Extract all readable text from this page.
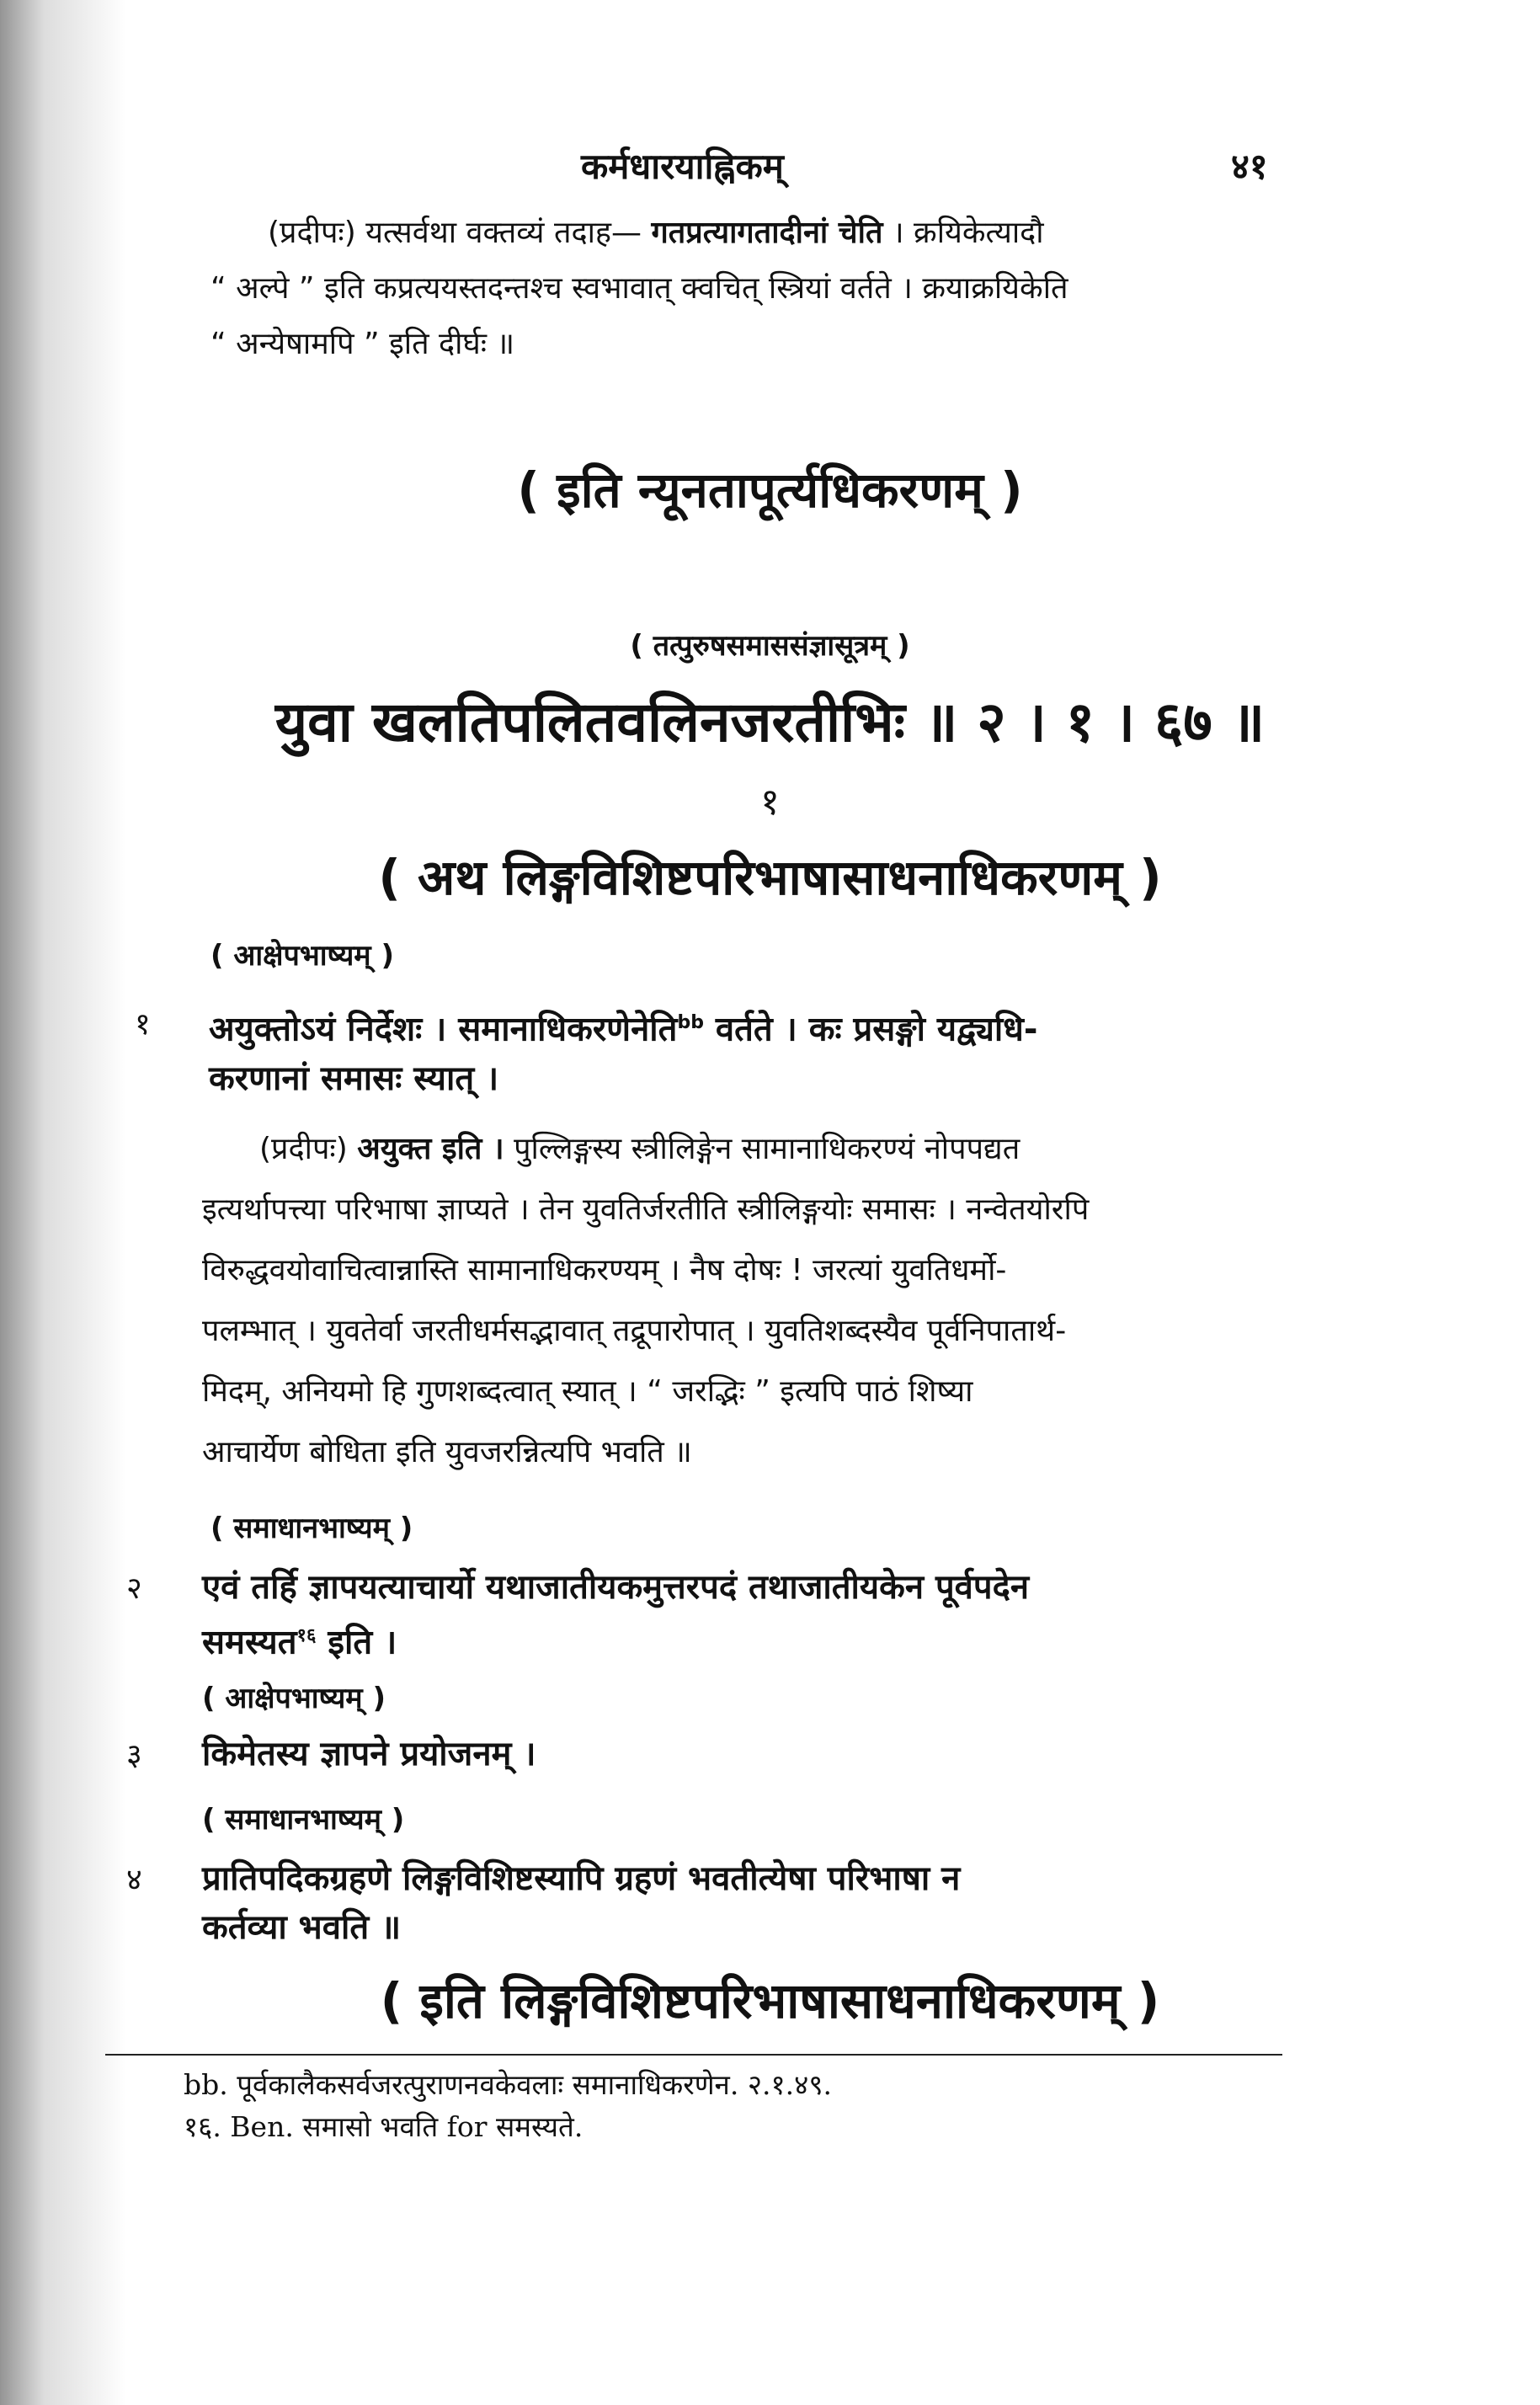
कर्मधारयाह्निकम्	४१
(प्रदीपः) यत्सर्वथा वक्तव्यं तदाह— गतप्रत्यागतादीनां चेति । क्रयिकेत्यादौ
“ अल्पे ” इति कप्रत्ययस्तदन्तश्च स्वभावात् क्वचित् स्त्रियां वर्तते । क्रयाक्रयिकेति
“ अन्येषामपि ” इति दीर्घः ॥
( इति न्यूनतापूर्त्यधिकरणम् )
( तत्पुरुषसमाससंज्ञासूत्रम् )
युवा खलतिपलितवलिनजरतीभिः ॥ २ । १ । ६७ ॥
१
( अथ लिङ्गविशिष्टपरिभाषासाधनाधिकरणम् )
( आक्षेपभाष्यम् )
१ अयुक्तोऽयं निर्देशः । समानाधिकरणेनेति$^{bb}$ वर्तते । कः प्रसङ्गो यद्व्यधि-
करणानां समासः स्यात् ।
(प्रदीपः) अयुक्त इति । पुल्लिङ्गस्य स्त्रीलिङ्गेन सामानाधिकरण्यं नोपपद्यत
इत्यर्थापत्त्या परिभाषा ज्ञाप्यते । तेन युवतिर्जरतीति स्त्रीलिङ्गयोः समासः । नन्वेतयोरपि
विरुद्धवयोवाचित्वान्नास्ति सामानाधिकरण्यम् । नैष दोषः ! जरत्यां युवतिधर्मो-
पलम्भात् । युवतेर्वा जरतीधर्मसद्भावात् तद्रूपारोपात् । युवतिशब्दस्यैव पूर्वनिपातार्थ-
मिदम्, अनियमो हि गुणशब्दत्वात् स्यात् । “ जरद्भिः ” इत्यपि पाठं शिष्या
आचार्येण बोधिता इति युवजरन्नित्यपि भवति ॥
( समाधानभाष्यम् )
२ एवं तर्हि ज्ञापयत्याचार्यो यथाजातीयकमुत्तरपदं तथाजातीयकेन पूर्वपदेन
समस्यत$^{१६}$ इति ।
( आक्षेपभाष्यम् )
३ किमेतस्य ज्ञापने प्रयोजनम् ।
( समाधानभाष्यम् )
४ प्रातिपदिकग्रहणे लिङ्गविशिष्टस्यापि ग्रहणं भवतीत्येषा परिभाषा न
कर्तव्या भवति ॥
( इति लिङ्गविशिष्टपरिभाषासाधनाधिकरणम् )
bb. पूर्वकालैकसर्वजरत्पुराणनवकेवलाः समानाधिकरणेन. २.१.४९.
१६. Ben. समासो भवति for समस्यते.
